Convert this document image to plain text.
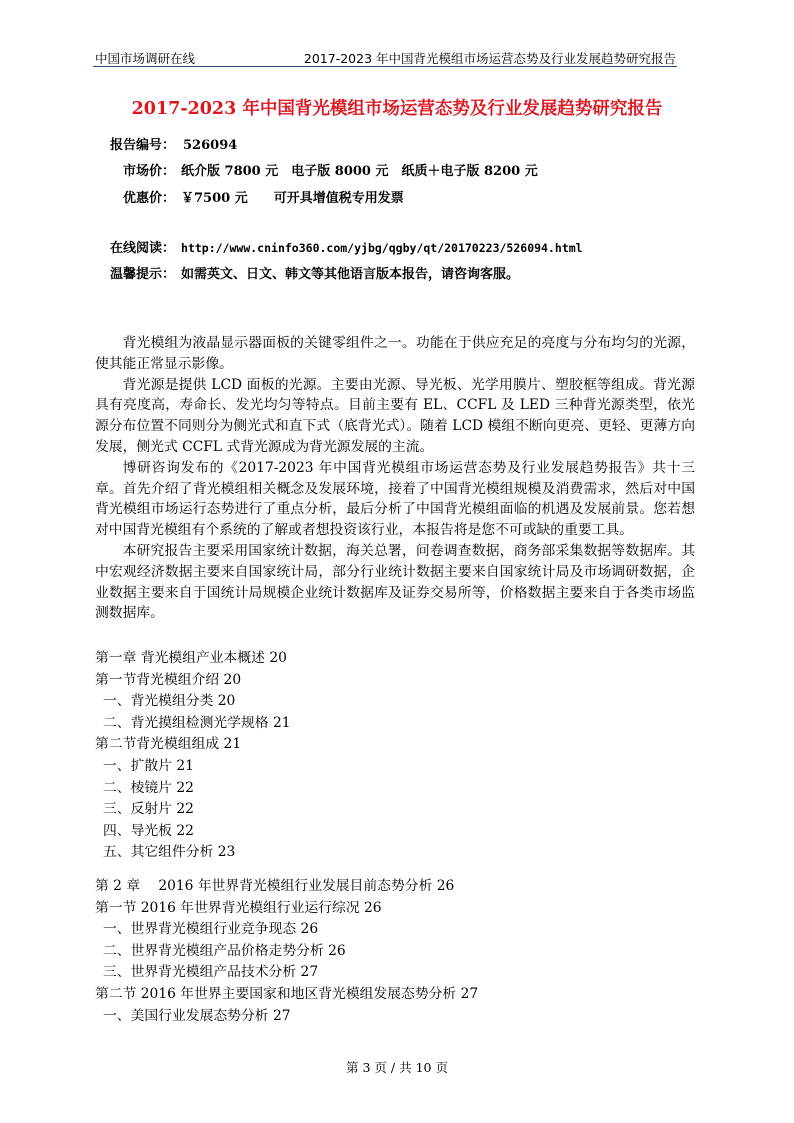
中国市场调研在线	2017-2023 年中国背光模组市场运营态势及行业发展趋势研究报告
2017-2023 年中国背光模组市场运营态势及行业发展趋势研究报告
报告编号： 526094
市场价： 纸介版 7800 元　电子版 8000 元　纸质＋电子版 8200 元
优惠价： ￥7500 元　　可开具增值税专用发票
在线阅读： http://www.cninfo360.com/yjbg/qgby/qt/20170223/526094.html
温馨提示： 如需英文、日文、韩文等其他语言版本报告，请咨询客服。

背光模组为液晶显示器面板的关键零组件之一。功能在于供应充足的亮度与分布均匀的光源， 使其能正常显示影像。

背光源是提供 LCD 面板的光源。主要由光源、导光板、光学用膜片、塑胶框等组成。背光源具有亮度高，寿命长、发光均匀等特点。目前主要有 EL、CCFL 及 LED 三种背光源类型，依光源分布位置不同则分为侧光式和直下式（底背光式）。随着 LCD 模组不断向更亮、更轻、更薄方向发展，侧光式 CCFL 式背光源成为背光源发展的主流。

博研咨询发布的《2017-2023 年中国背光模组市场运营态势及行业发展趋势报告》共十三章。首先介绍了背光模组相关概念及发展环境，接着了中国背光模组规模及消费需求，然后对中国背光模组市场运行态势进行了重点分析，最后分析了中国背光模组面临的机遇及发展前景。您若想对中国背光模组有个系统的了解或者想投资该行业，本报告将是您不可或缺的重要工具。

本研究报告主要采用国家统计数据，海关总署，问卷调查数据，商务部采集数据等数据库。其中宏观经济数据主要来自国家统计局，部分行业统计数据主要来自国家统计局及市场调研数据，企业数据主要来自于国统计局规模企业统计数据库及证券交易所等，价格数据主要来自于各类市场监测数据库。

第一章 背光模组产业本概述 20
第一节背光模组介绍 20
一、背光模组分类 20
二、背光摸组检测光学规格 21
第二节背光模组组成 21
一、扩散片 21
二、棱镜片 22
三、反射片 22
四、导光板 22
五、其它组件分析 23
第 2 章　 2016 年世界背光模组行业发展目前态势分析 26
第一节 2016 年世界背光模组行业运行综况 26
一、世界背光模组行业竞争现态 26
二、世界背光模组产品价格走势分析 26
三、世界背光模组产品技术分析 27
第二节 2016 年世界主要国家和地区背光模组发展态势分析 27
一、美国行业发展态势分析 27
第 3 页 / 共 10 页
